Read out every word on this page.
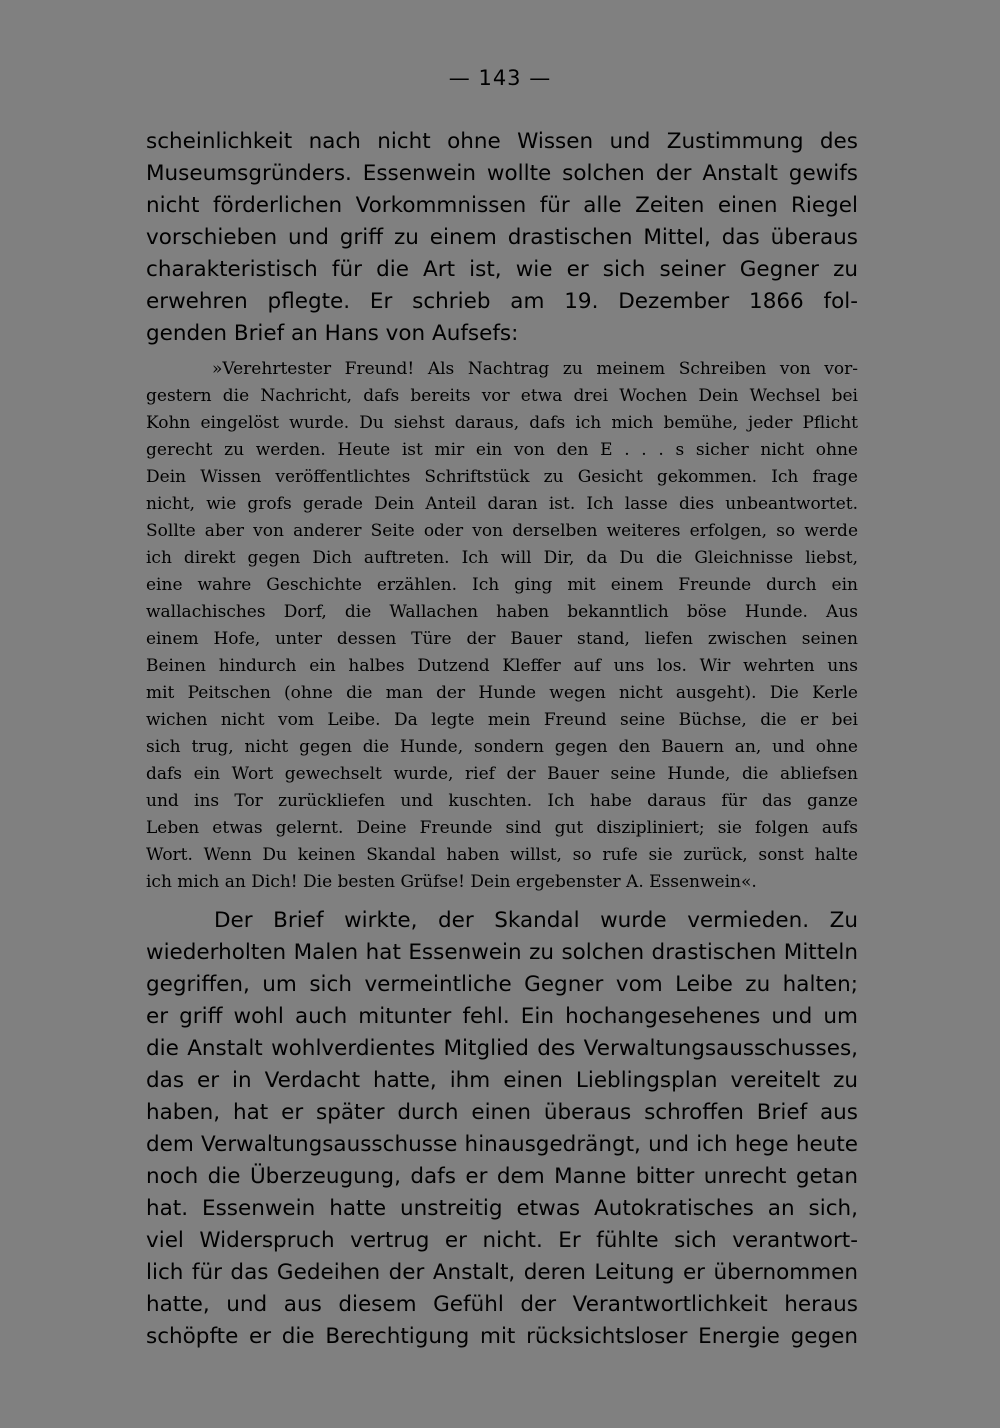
— 143 —
scheinlichkeit nach nicht ohne Wissen und Zustimmung des
Museumsgründers. Essenwein wollte solchen der Anstalt gewifs
nicht förderlichen Vorkommnissen für alle Zeiten einen Riegel
vorschieben und griff zu einem drastischen Mittel, das überaus
charakteristisch für die Art ist, wie er sich seiner Gegner zu
erwehren pflegte. Er schrieb am 19. Dezember 1866 fol-
genden Brief an Hans von Aufsefs:
»Verehrtester Freund! Als Nachtrag zu meinem Schreiben von vor-
gestern die Nachricht, dafs bereits vor etwa drei Wochen Dein Wechsel bei
Kohn eingelöst wurde. Du siehst daraus, dafs ich mich bemühe, jeder Pflicht
gerecht zu werden. Heute ist mir ein von den E . . . s sicher nicht ohne
Dein Wissen veröffentlichtes Schriftstück zu Gesicht gekommen. Ich frage
nicht, wie grofs gerade Dein Anteil daran ist. Ich lasse dies unbeantwortet.
Sollte aber von anderer Seite oder von derselben weiteres erfolgen, so werde
ich direkt gegen Dich auftreten. Ich will Dir, da Du die Gleichnisse liebst,
eine wahre Geschichte erzählen. Ich ging mit einem Freunde durch ein
wallachisches Dorf, die Wallachen haben bekanntlich böse Hunde. Aus
einem Hofe, unter dessen Türe der Bauer stand, liefen zwischen seinen
Beinen hindurch ein halbes Dutzend Kleffer auf uns los. Wir wehrten uns
mit Peitschen (ohne die man der Hunde wegen nicht ausgeht). Die Kerle
wichen nicht vom Leibe. Da legte mein Freund seine Büchse, die er bei
sich trug, nicht gegen die Hunde, sondern gegen den Bauern an, und ohne
dafs ein Wort gewechselt wurde, rief der Bauer seine Hunde, die abliefsen
und ins Tor zurückliefen und kuschten. Ich habe daraus für das ganze
Leben etwas gelernt. Deine Freunde sind gut diszipliniert; sie folgen aufs
Wort. Wenn Du keinen Skandal haben willst, so rufe sie zurück, sonst halte
ich mich an Dich! Die besten Grüfse! Dein ergebenster A. Essenwein«.
Der Brief wirkte, der Skandal wurde vermieden. Zu
wiederholten Malen hat Essenwein zu solchen drastischen Mitteln
gegriffen, um sich vermeintliche Gegner vom Leibe zu halten;
er griff wohl auch mitunter fehl. Ein hochangesehenes und um
die Anstalt wohlverdientes Mitglied des Verwaltungsausschusses,
das er in Verdacht hatte, ihm einen Lieblingsplan vereitelt zu
haben, hat er später durch einen überaus schroffen Brief aus
dem Verwaltungsausschusse hinausgedrängt, und ich hege heute
noch die Überzeugung, dafs er dem Manne bitter unrecht getan
hat. Essenwein hatte unstreitig etwas Autokratisches an sich,
viel Widerspruch vertrug er nicht. Er fühlte sich verantwort-
lich für das Gedeihen der Anstalt, deren Leitung er übernommen
hatte, und aus diesem Gefühl der Verantwortlichkeit heraus
schöpfte er die Berechtigung mit rücksichtsloser Energie gegen
